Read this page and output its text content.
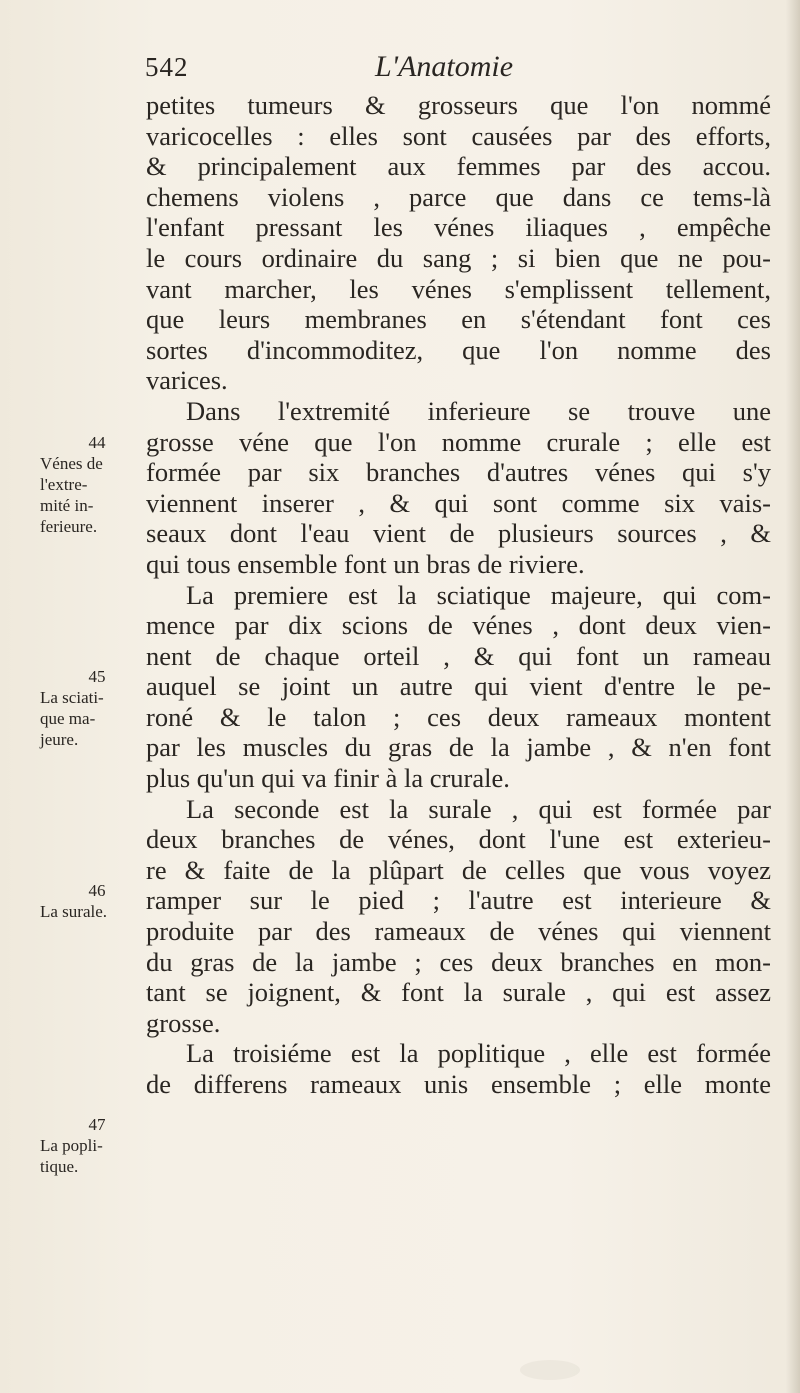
542	L'Anatomie
petites tumeurs & grosseurs que l'on nommé
varicocelles : elles sont causées par des efforts,
& principalement aux femmes par des accou.
chemens violens , parce que dans ce tems-là
l'enfant pressant les vénes iliaques , empêche
le cours ordinaire du sang ; si bien que ne pou-
vant marcher, les vénes s'emplissent tellement,
que leurs membranes en s'étendant font ces
sortes d'incommoditez, que l'on nomme des
varices.
Dans l'extremité inferieure se trouve une
grosse véne que l'on nomme crurale ; elle est
formée par six branches d'autres vénes qui s'y
viennent inserer , & qui sont comme six vais-
seaux dont l'eau vient de plusieurs sources , &
qui tous ensemble font un bras de riviere.
La premiere est la sciatique majeure, qui com-
mence par dix scions de vénes , dont deux vien-
nent de chaque orteil , & qui font un rameau
auquel se joint un autre qui vient d'entre le pe-
roné & le talon ; ces deux rameaux montent
par les muscles du gras de la jambe , & n'en font
plus qu'un qui va finir à la crurale.
La seconde est la surale , qui est formée par
deux branches de vénes, dont l'une est exterieu-
re & faite de la plûpart de celles que vous voyez
ramper sur le pied ; l'autre est interieure &
produite par des rameaux de vénes qui viennent
du gras de la jambe ; ces deux branches en mon-
tant se joignent, & font la surale , qui est assez
grosse.
La troisiéme est la poplitique , elle est formée
de differens rameaux unis ensemble ; elle monte
44
Vénes de
l'extre-
mité in-
ferieure.
45
La sciati-
que ma-
jeure.
46
La surale.
47
La popli-
tique.
